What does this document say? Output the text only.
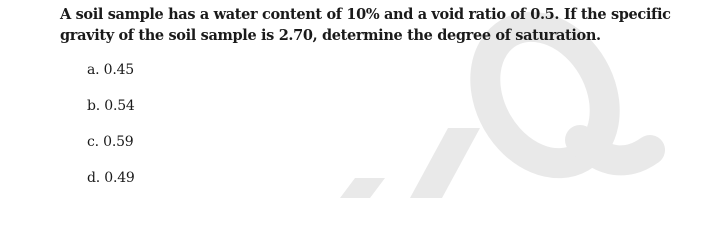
A soil sample has a water content of 10% and a void ratio of 0.5. If the specific gravity of the soil sample is 2.70, determine the degree of saturation.
a. 0.45
b. 0.54
c. 0.59
d. 0.49
